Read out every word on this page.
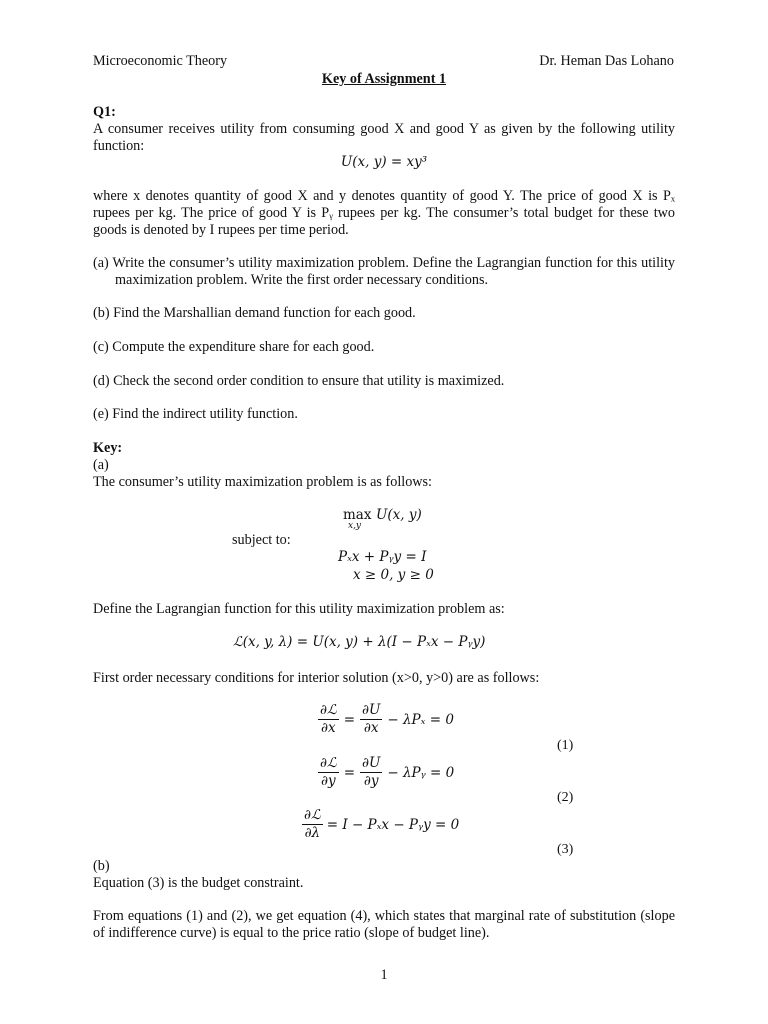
Microeconomic Theory	Dr. Heman Das Lohano
Key of Assignment 1
Q1:
A consumer receives utility from consuming good X and good Y as given by the following utility function:
U(x, y) = xy³
where x denotes quantity of good X and y denotes quantity of good Y. The price of good X is Pₓ rupees per kg. The price of good Y is Pᵧ rupees per kg. The consumer’s total budget for these two goods is denoted by I rupees per time period.
(a) Write the consumer’s utility maximization problem. Define the Lagrangian function for this utility maximization problem. Write the first order necessary conditions.
(b) Find the Marshallian demand function for each good.
(c) Compute the expenditure share for each good.
(d) Check the second order condition to ensure that utility is maximized.
(e) Find the indirect utility function.
Key:
(a)
The consumer’s utility maximization problem is as follows:
max
x,y
U(x, y)
subject to:
Pₓx + Pᵧy = I
x ≥ 0, y ≥ 0
Define the Lagrangian function for this utility maximization problem as:
ℒ(x, y, λ) = U(x, y) + λ(I − Pₓx − Pᵧy)
First order necessary conditions for interior solution (x>0, y>0) are as follows:
$\frac{\text{∂ℒ}}{\partial x} = \frac{\partial U}{\partial x} - \lambda P_x = 0$
(1)
$\frac{\text{∂ℒ}}{\partial y} = \frac{\partial U}{\partial y}$ − λPᵧ = 0
(2)
$\frac{\text{∂ℒ}}{\partial\lambda} = I - P_xx$ − Pᵧy = 0
(3)
(b)
Equation (3) is the budget constraint.
From equations (1) and (2), we get equation (4), which states that marginal rate of substitution (slope of indifference curve) is equal to the price ratio (slope of budget line).
1
